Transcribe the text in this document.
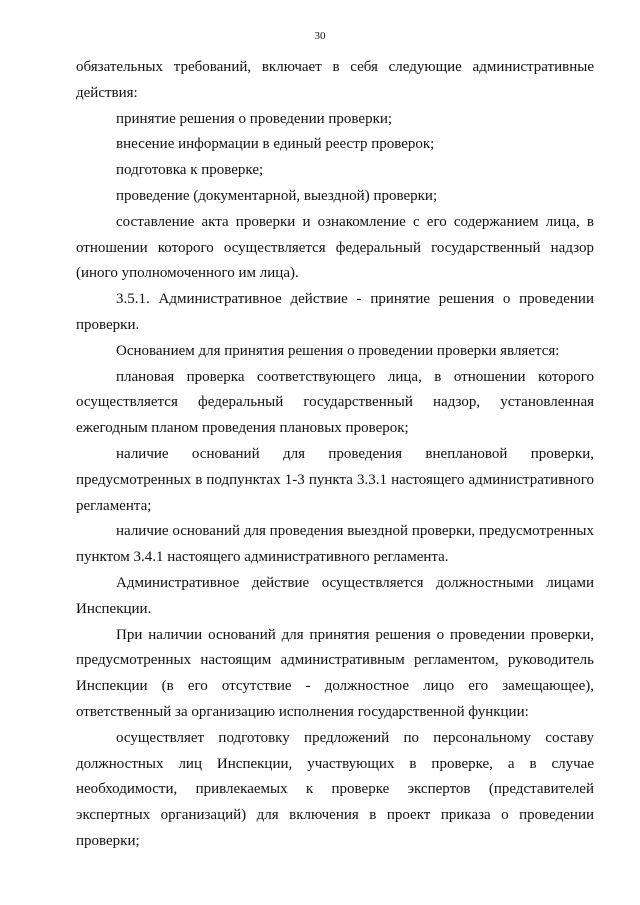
30

обязательных требований, включает в себя следующие административные действия:

принятие решения о проведении проверки;

внесение информации в единый реестр проверок;

подготовка к проверке;

проведение (документарной, выездной) проверки;

составление акта проверки и ознакомление с его содержанием лица, в отношении которого осуществляется федеральный государственный надзор (иного уполномоченного им лица).

3.5.1. Административное действие - принятие решения о проведении проверки.

Основанием для принятия решения о проведении проверки является:

плановая проверка соответствующего лица, в отношении которого осуществляется федеральный государственный надзор, установленная ежегодным планом проведения плановых проверок;

наличие оснований для проведения внеплановой проверки, предусмотренных в подпунктах 1-3 пункта 3.3.1 настоящего административного регламента;

наличие оснований для проведения выездной проверки, предусмотренных пунктом 3.4.1 настоящего административного регламента.

Административное действие осуществляется должностными лицами Инспекции.

При наличии оснований для принятия решения о проведении проверки, предусмотренных настоящим административным регламентом, руководитель Инспекции (в его отсутствие - должностное лицо его замещающее), ответственный за организацию исполнения государственной функции:

осуществляет подготовку предложений по персональному составу должностных лиц Инспекции, участвующих в проверке, а в случае необходимости, привлекаемых к проверке экспертов (представителей экспертных организаций) для включения в проект приказа о проведении проверки;
